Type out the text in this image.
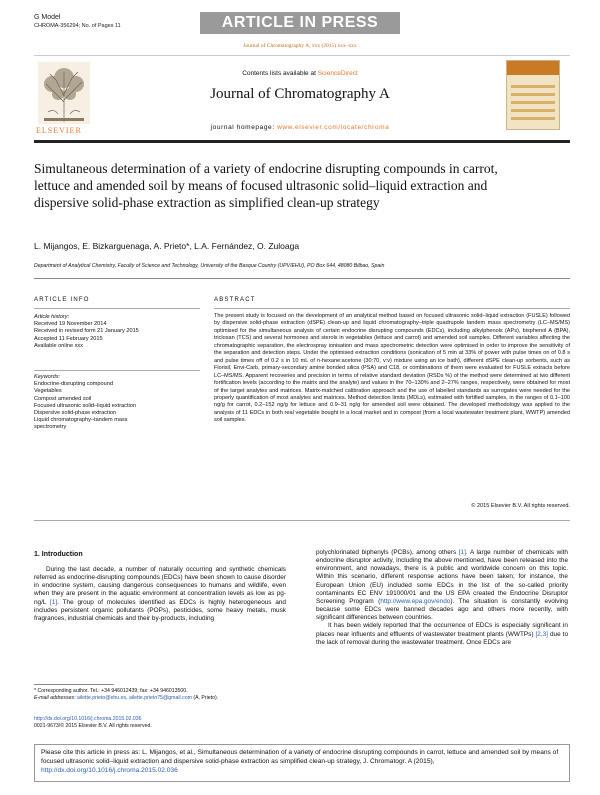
G Model
CHROMA-356294; No. of Pages 11	ARTICLE IN PRESS
Journal of Chromatography A, xxx (2015) xxx–xxx
ELSEVIER
Contents lists available at ScienceDirect
Journal of Chromatography A
journal homepage: www.elsevier.com/locate/chroma
Simultaneous determination of a variety of endocrine disrupting compounds in carrot, lettuce and amended soil by means of focused ultrasonic solid–liquid extraction and dispersive solid-phase extraction as simplified clean-up strategy
L. Mijangos, E. Bizkarguenaga, A. Prieto*, L.A. Fernández, O. Zuloaga
Department of Analytical Chemistry, Faculty of Science and Technology, University of the Basque Country (UPV/EHU), PO Box 644, 48080 Bilbao, Spain
ARTICLE INFO	ABSTRACT
Article history:
Received 19 November 2014
Received in revised form 21 January 2015
Accepted 11 February 2015
Available online xxx
Keywords:
Endocrine-disrupting compound
Vegetables
Compost amended soil
Focused ultrasonic solid–liquid extraction
Dispersive solid-phase extraction
Liquid chromatography–tandem mass
spectrometry
The present study is focused on the development of an analytical method based on focused ultrasonic solid–liquid extraction (FUSLE) followed by dispersive solid-phase extraction (dSPE) clean-up and liquid chromatography–triple quadrupole tandem mass spectrometry (LC–MS/MS) optimised for the simultaneous analysis of certain endocrine disrupting compounds (EDCs), including alkylphenols (APs), bisphenol A (BPA), triclosan (TCS) and several hormones and sterols in vegetables (lettuce and carrot) and amended soil samples. Different variables affecting the chromatographic separation, the electrospray ionisation and mass spectrometric detection were optimised in order to improve the sensitivity of the separation and detection steps. Under the optimised extraction conditions (sonication of 5 min at 33% of power with pulse times on of 0.8 s and pulse times off of 0.2 s in 10 mL of n-hexane:acetone (30:70, v:v) mixture using an ice bath), different dSPE clean-up sorbents, such as Florisil, Envi-Carb, primary-secondary amine bonded silica (PSA) and C18, or combinations of them were evaluated for FUSLE extracts before LC–MS/MS. Apparent recoveries and precision in terms of relative standard deviation (RSDs %) of the method were determined at two different fortification levels (according to the matrix and the analyte) and values in the 70–130% and 2–27% ranges, respectively, were obtained for most of the target analytes and matrices. Matrix-matched calibration approach and the use of labelled standards as surrogates were needed for the properly quantification of most analytes and matrices. Method detection limits (MDLs), estimated with fortified samples, in the ranges of 0.1–100 ng/g for carrot, 0.2–152 ng/g for lettuce and 0.9–31 ng/g for amended soil were obtained. The developed methodology was applied to the analysis of 11 EDCs in both real vegetable bought in a local market and in compost (from a local wastewater treatment plant, WWTP) amended soil samples.
© 2015 Elsevier B.V. All rights reserved.
1. Introduction
During the last decade, a number of naturally occurring and synthetic chemicals referred as endocrine-disrupting compounds (EDCs) have been shown to cause disorder in endocrine system, causing dangerous consequences to humans and wildlife, even when they are present in the aquatic environment at concentration levels as low as pg-ng/L [1]. The group of molecules identified as EDCs is highly heterogeneous and includes persistent organic pollutants (POPs), pesticides, some heavy metals, musk fragrances, industrial chemicals and their by-products, including

polychlorinated biphenyls (PCBs), among others [1]. A large number of chemicals with endocrine disruptor activity, including the above mentioned, have been released into the environment, and nowadays, there is a public and worldwide concern on this topic. Within this scenario, different response actions have been taken; for instance, the European Union (EU) included some EDCs in the list of the so-called priority contaminants EC ENV 191000/01 and the US EPA created the Endocrine Disruptor Screening Program (http://www.epa.gov/endo). The situation is constantly evolving because some EDCs were banned decades ago and others more recently, with significant differences between countries.

It has been widely reported that the occurrence of EDCs is especially significant in places near influents and effluents of wastewater treatment plants (WWTPs) [2,3] due to the lack of removal during the wastewater treatment. Once EDCs are

* Corresponding author. Tel.: +34 946012439; fax: +34 946013500.
E-mail addresses: ailette.prieto@ehu.es, ailette.prieto75@gmail.com (A. Prieto).
http://dx.doi.org/10.1016/j.chroma.2015.02.036
0021-9673/© 2015 Elsevier B.V. All rights reserved.
Please cite this article in press as: L. Mijangos, et al., Simultaneous determination of a variety of endocrine disrupting compounds in carrot, lettuce and amended soil by means of focused ultrasonic solid–liquid extraction and dispersive solid-phase extraction as simplified clean-up strategy, J. Chromatogr. A (2015), http://dx.doi.org/10.1016/j.chroma.2015.02.036
